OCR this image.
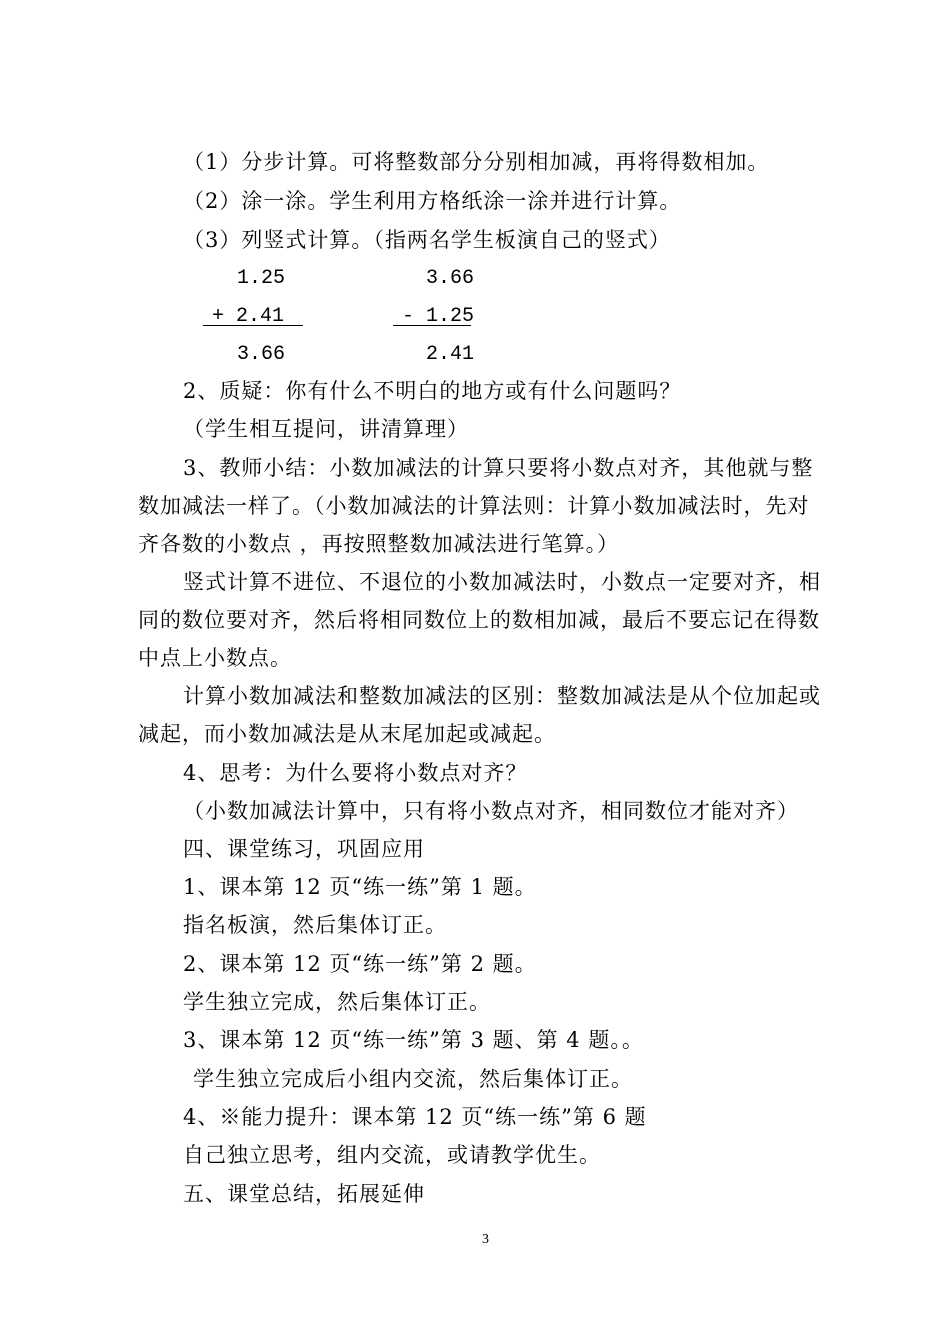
（1）分步计算。可将整数部分分别相加减，再将得数相加。
（2）涂一涂。学生利用方格纸涂一涂并进行计算。
（3）列竖式计算。（指两名学生板演自己的竖式）
1.25
+ 2.41
3.66
3.66
- 1.25
2.41
2、质疑：你有什么不明白的地方或有什么问题吗？
（学生相互提问，讲清算理）
3、教师小结：小数加减法的计算只要将小数点对齐，其他就与整
数加减法一样了。（小数加减法的计算法则：计算小数加减法时，先对
齐各数的小数点 ，再按照整数加减法进行笔算。）
竖式计算不进位、不退位的小数加减法时，小数点一定要对齐，相
同的数位要对齐，然后将相同数位上的数相加减，最后不要忘记在得数
中点上小数点。
计算小数加减法和整数加减法的区别：整数加减法是从个位加起或
减起，而小数加减法是从末尾加起或减起。
4、思考：为什么要将小数点对齐？
（小数加减法计算中，只有将小数点对齐，相同数位才能对齐）
四、课堂练习，巩固应用
1、课本第 12 页“练一练”第 1 题。
指名板演，然后集体订正。
2、课本第 12 页“练一练”第 2 题。
学生独立完成，然后集体订正。
3、课本第 12 页“练一练”第 3 题、第 4 题。。
学生独立完成后小组内交流，然后集体订正。
4、※能力提升：课本第 12 页“练一练”第 6 题
自己独立思考，组内交流，或请教学优生。
五、课堂总结，拓展延伸
3
